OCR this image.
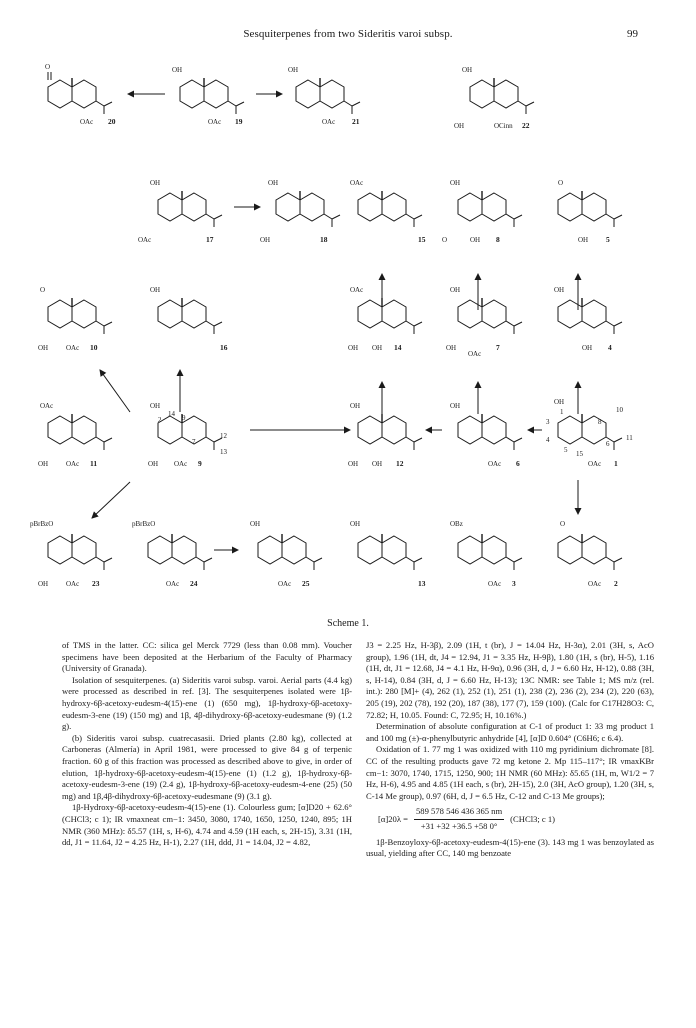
Sesquiterpenes from two Sideritis varoi subsp.	99
O
OAc 20
OH
OAc 19
OH
OAc 21
OH
OH	OCinn 22
OH
OAc	17
OH
OH	18
OAc
15
OH
O	OH 8
O
OH 5
O
OH	OAc 10
OH
16
OAc
OH OH 14
OH
OH
OAc
7
OH
OH 4
OAc
OH	OAc 11
OH
OH OAc 9
2
14 9
7
12
13
OH
OH OH 12
OH
OAc 6
OH
OAc 1
3
4
5 15
8
10
11
6
1
pBrBzO
OH	OAc 23
pBrBzO
OAc 24
OH
OAc 25
OH
13
OBz
OAc 3
O
OAc 2
Scheme 1.

of TMS in the latter. CC: silica gel Merck 7729 (less than 0.08 mm). Voucher specimens have been deposited at the Herbarium of the Faculty of Pharmacy (University of Granada).

Isolation of sesquiterpenes. (a) Sideritis varoi subsp. varoi. Aerial parts (4.4 kg) were processed as described in ref. [3]. The sesquiterpenes isolated were 1β-hydroxy-6β-acetoxy-eudesm-4(15)-ene (1) (650 mg), 1β-hydroxy-6β-acetoxy-eudesm-3-ene (19) (150 mg) and 1β, 4β-dihydroxy-6β-acetoxy-eudesmane (9) (1.2 g).

(b) Sideritis varoi subsp. cuatrecasasii. Dried plants (2.80 kg), collected at Carboneras (Almería) in April 1981, were processed to give 84 g of terpenic fraction. 60 g of this fraction was processed as described above to give, in order of elution, 1β-hydroxy-6β-acetoxy-eudesm-4(15)-ene (1) (1.2 g), 1β-hydroxy-6β-acetoxy-eudesm-3-ene (19) (2.4 g), 1β-hydroxy-6β-acetoxy-eudesm-4-ene (25) (50 mg) and 1β,4β-dihydroxy-6β-acetoxy-eudesmane (9) (3.1 g).

1β-Hydroxy-6β-acetoxy-eudesm-4(15)-ene (1). Colourless gum; [α]D20 + 62.6° (CHCl3; c 1); IR νmaxneat cm−1: 3450, 3080, 1740, 1650, 1250, 1240, 895; 1H NMR (360 MHz): δ5.57 (1H, s, H-6), 4.74 and 4.59 (1H each, s, 2H-15), 3.31 (1H, dd, J1 = 11.64, J2 = 4.25 Hz, H-1), 2.27 (1H, ddd, J1 = 14.04, J2 = 4.82,

J3 = 2.25 Hz, H-3β), 2.09 (1H, t (br), J = 14.04 Hz, H-3α), 2.01 (3H, s, AcO group), 1.96 (1H, dt, J4 = 12.94, J1 = 3.35 Hz, H-9β), 1.80 (1H, s (br), H-5), 1.16 (1H, dt, J1 = 12.68, J4 = 4.1 Hz, H-9α), 0.96 (3H, d, J = 6.60 Hz, H-12), 0.88 (3H, s, H-14), 0.84 (3H, d, J = 6.60 Hz, H-13); 13C NMR: see Table 1; MS m/z (rel. int.): 280 [M]+ (4), 262 (1), 252 (1), 251 (1), 238 (2), 236 (2), 234 (2), 220 (63), 205 (19), 202 (78), 192 (20), 187 (38), 177 (7), 159 (100). (Calc for C17H28O3: C, 72.82; H, 10.05. Found: C, 72.95; H, 10.16%.)

Determination of absolute configuration at C-1 of product 1: 33 mg product 1 and 100 mg (±)-α-phenylbutyric anhydride [4], [α]D 0.604° (C6H6; c 6.4).

Oxidation of 1. 77 mg 1 was oxidized with 110 mg pyridinium dichromate [8]. CC of the resulting products gave 72 mg ketone 2. Mp 115–117°; IR νmaxKBr cm−1: 3070, 1740, 1715, 1250, 900; 1H NMR (60 MHz): δ5.65 (1H, m, W1/2 = 7 Hz, H-6), 4.95 and 4.85 (1H each, s (br), 2H-15), 2.0 (3H, AcO group), 1.20 (3H, s, C-14 Me group), 0.97 (6H, d, J = 6.5 Hz, C-12 and C-13 Me groups);

$[\alpha]20\lambda = \frac{589 578 546 436 365 nm}{+31 +32 +36.5 +58 0^\circ}$ (CHCl3; c 1)

1β-Benzoyloxy-6β-acetoxy-eudesm-4(15)-ene (3). 143 mg 1 was benzoylated as usual, yielding after CC, 140 mg benzoate
